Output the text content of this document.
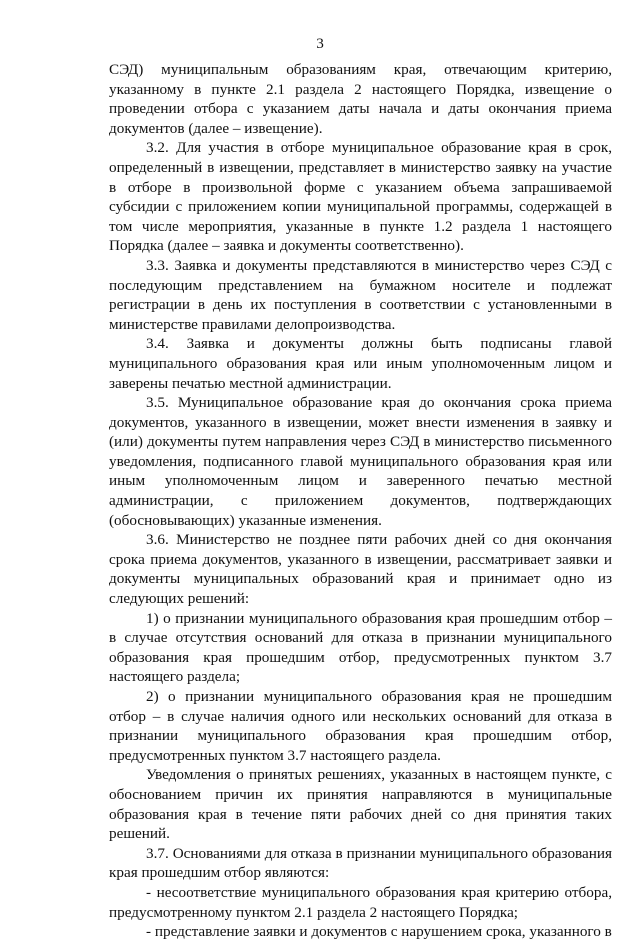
3

СЭД) муниципальным образованиям края, отвечающим критерию, указанному в пункте 2.1 раздела 2 настоящего Порядка, извещение о проведении отбора с указанием даты начала и даты окончания приема документов (далее – извещение).

3.2. Для участия в отборе муниципальное образование края в срок, определенный в извещении, представляет в министерство заявку на участие в отборе в произвольной форме с указанием объема запрашиваемой субсидии с приложением копии муниципальной программы, содержащей в том числе мероприятия, указанные в пункте 1.2 раздела 1 настоящего Порядка (далее – заявка и документы соответственно).

3.3. Заявка и документы представляются в министерство через СЭД с последующим представлением на бумажном носителе и подлежат регистрации в день их поступления в соответствии с установленными в министерстве правилами делопроизводства.

3.4. Заявка и документы должны быть подписаны главой муниципального образования края или иным уполномоченным лицом и заверены печатью местной администрации.

3.5. Муниципальное образование края до окончания срока приема документов, указанного в извещении, может внести изменения в заявку и (или) документы путем направления через СЭД в министерство письменного уведомления, подписанного главой муниципального образования края или иным уполномоченным лицом и заверенного печатью местной администрации, с приложением документов, подтверждающих (обосновывающих) указанные изменения.

3.6. Министерство не позднее пяти рабочих дней со дня окончания срока приема документов, указанного в извещении, рассматривает заявки и документы муниципальных образований края и принимает одно из следующих решений:

1) о признании муниципального образования края прошедшим отбор – в случае отсутствия оснований для отказа в признании муниципального образования края прошедшим отбор, предусмотренных пунктом 3.7 настоящего раздела;

2) о признании муниципального образования края не прошедшим отбор – в случае наличия одного или нескольких оснований для отказа в признании муниципального образования края прошедшим отбор, предусмотренных пунктом 3.7 настоящего раздела.

Уведомления о принятых решениях, указанных в настоящем пункте, с обоснованием причин их принятия направляются в муниципальные образования края в течение пяти рабочих дней со дня принятия таких решений.

3.7. Основаниями для отказа в признании муниципального образования края прошедшим отбор являются:

- несоответствие муниципального образования края критерию отбора, предусмотренному пунктом 2.1 раздела 2 настоящего Порядка;

- представление заявки и документов с нарушением срока, указанного в
